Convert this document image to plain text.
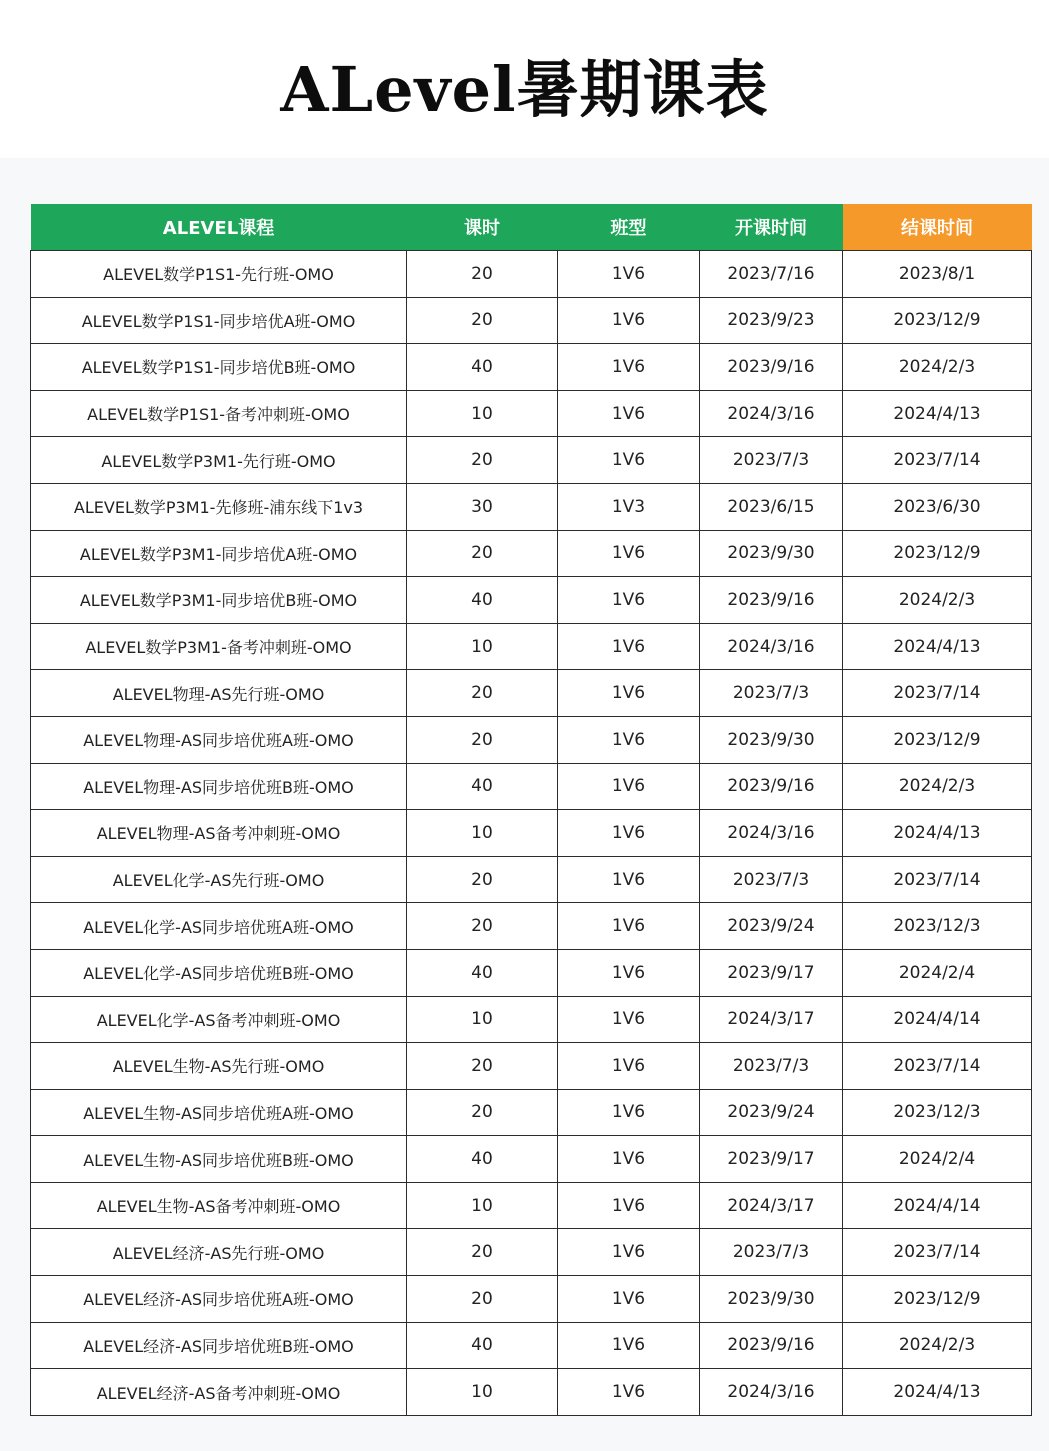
ALevel暑期课表
ALEVEL课程	课时	班型	开课时间	结课时间
ALEVEL数学P1S1-先行班-OMO	20	1V6	2023/7/16	2023/8/1
ALEVEL数学P1S1-同步培优A班-OMO	20	1V6	2023/9/23	2023/12/9
ALEVEL数学P1S1-同步培优B班-OMO	40	1V6	2023/9/16	2024/2/3
ALEVEL数学P1S1-备考冲刺班-OMO	10	1V6	2024/3/16	2024/4/13
ALEVEL数学P3M1-先行班-OMO	20	1V6	2023/7/3	2023/7/14
ALEVEL数学P3M1-先修班-浦东线下1v3	30	1V3	2023/6/15	2023/6/30
ALEVEL数学P3M1-同步培优A班-OMO	20	1V6	2023/9/30	2023/12/9
ALEVEL数学P3M1-同步培优B班-OMO	40	1V6	2023/9/16	2024/2/3
ALEVEL数学P3M1-备考冲刺班-OMO	10	1V6	2024/3/16	2024/4/13
ALEVEL物理-AS先行班-OMO	20	1V6	2023/7/3	2023/7/14
ALEVEL物理-AS同步培优班A班-OMO	20	1V6	2023/9/30	2023/12/9
ALEVEL物理-AS同步培优班B班-OMO	40	1V6	2023/9/16	2024/2/3
ALEVEL物理-AS备考冲刺班-OMO	10	1V6	2024/3/16	2024/4/13
ALEVEL化学-AS先行班-OMO	20	1V6	2023/7/3	2023/7/14
ALEVEL化学-AS同步培优班A班-OMO	20	1V6	2023/9/24	2023/12/3
ALEVEL化学-AS同步培优班B班-OMO	40	1V6	2023/9/17	2024/2/4
ALEVEL化学-AS备考冲刺班-OMO	10	1V6	2024/3/17	2024/4/14
ALEVEL生物-AS先行班-OMO	20	1V6	2023/7/3	2023/7/14
ALEVEL生物-AS同步培优班A班-OMO	20	1V6	2023/9/24	2023/12/3
ALEVEL生物-AS同步培优班B班-OMO	40	1V6	2023/9/17	2024/2/4
ALEVEL生物-AS备考冲刺班-OMO	10	1V6	2024/3/17	2024/4/14
ALEVEL经济-AS先行班-OMO	20	1V6	2023/7/3	2023/7/14
ALEVEL经济-AS同步培优班A班-OMO	20	1V6	2023/9/30	2023/12/9
ALEVEL经济-AS同步培优班B班-OMO	40	1V6	2023/9/16	2024/2/3
ALEVEL经济-AS备考冲刺班-OMO	10	1V6	2024/3/16	2024/4/13
